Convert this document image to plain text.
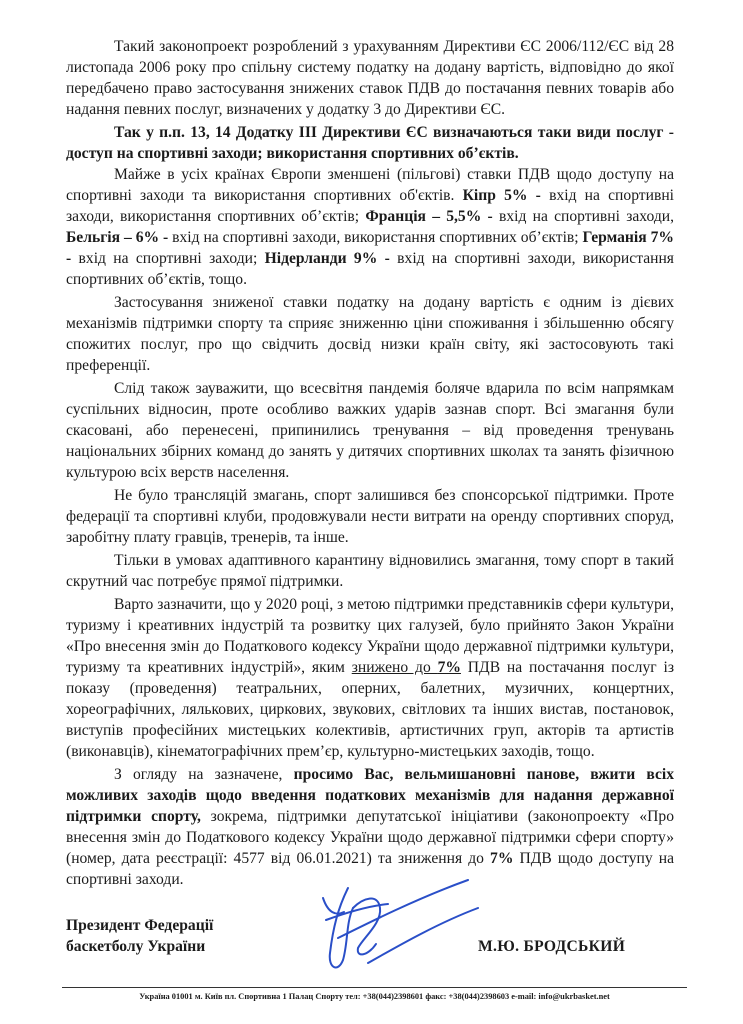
Такий законопроект розроблений з урахуванням Директиви ЄС 2006/112/ЄС від 28 листопада 2006 року про спільну систему податку на додану вартість, відповідно до якої передбачено право застосування знижених ставок ПДВ до постачання певних товарів або надання певних послуг, визначених у додатку 3 до Директиви ЄС.

Так у п.п. 13, 14 Додатку III Директиви ЄС визначаються таки види послуг - доступ на спортивні заходи; використання спортивних об’єктів.

Майже в усіх країнах Європи зменшені (пільгові) ставки ПДВ щодо доступу на спортивні заходи та використання спортивних об'єктів. Кіпр 5% - вхід на спортивні заходи, використання спортивних об’єктів; Франція – 5,5% - вхід на спортивні заходи, Бельгія – 6% - вхід на спортивні заходи, використання спортивних об’єктів; Германія 7% - вхід на спортивні заходи; Нідерланди 9% - вхід на спортивні заходи, використання спортивних об’єктів, тощо.

Застосування зниженої ставки податку на додану вартість є одним із дієвих механізмів підтримки спорту та сприяє зниженню ціни споживання і збільшенню обсягу спожитих послуг, про що свідчить досвід низки країн світу, які застосовують такі преференції.

Слід також зауважити, що всесвітня пандемія боляче вдарила по всім напрямкам суспільних відносин, проте особливо важких ударів зазнав спорт. Всі змагання були скасовані, або перенесені, припинились тренування – від проведення тренувань національних збірних команд до занять у дитячих спортивних школах та занять фізичною культурою всіх верств населення.

Не було трансляцій змагань, спорт залишився без спонсорської підтримки. Проте федерації та спортивні клуби, продовжували нести витрати на оренду спортивних споруд, заробітну плату гравців, тренерів, та інше.

Тільки в умовах адаптивного карантину відновились змагання, тому спорт в такий скрутний час потребує прямої підтримки.

Варто зазначити, що у 2020 році, з метою підтримки представників сфери культури, туризму і креативних індустрій та розвитку цих галузей, було прийнято Закон України «Про внесення змін до Податкового кодексу України щодо державної підтримки культури, туризму та креативних індустрій», яким знижено до 7% ПДВ на постачання послуг із показу (проведення) театральних, оперних, балетних, музичних, концертних, хореографічних, лялькових, циркових, звукових, світлових та інших вистав, постановок, виступів професійних мистецьких колективів, артистичних груп, акторів та артистів (виконавців), кінематографічних прем’єр, культурно-мистецьких заходів, тощо.

З огляду на зазначене, просимо Вас, вельмишановні панове, вжити всіх можливих заходів щодо введення податкових механізмів для надання державної підтримки спорту, зокрема, підтримки депутатської ініціативи (законопроекту «Про внесення змін до Податкового кодексу України щодо державної підтримки сфери спорту» (номер, дата реєстрації: 4577 від 06.01.2021) та зниження до 7% ПДВ щодо доступу на спортивні заходи.

Президент Федерації
баскетболу України	М.Ю. БРОДСЬКИЙ
Україна 01001 м. Київ пл. Спортивна 1 Палац Спорту тел: +38(044)2398601 факс: +38(044)2398603 e-mail: info@ukrbasket.net
